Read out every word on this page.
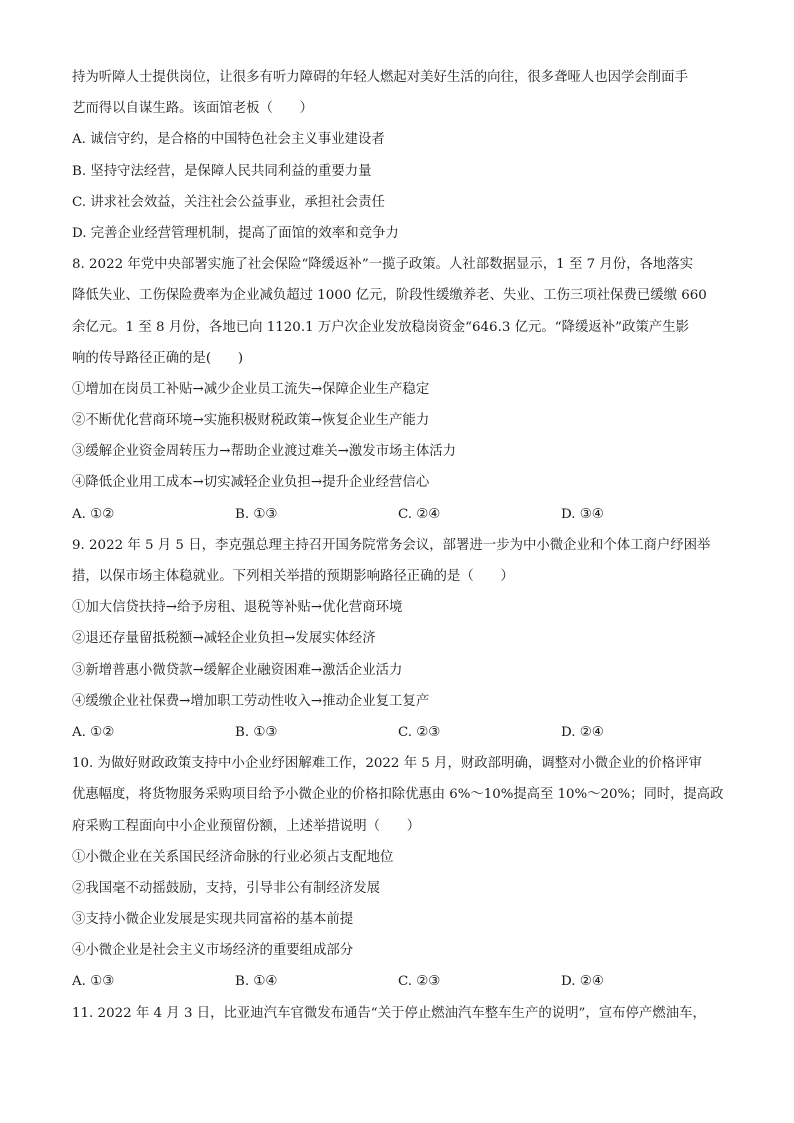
持为听障人士提供岗位，让很多有听力障碍的年轻人燃起对美好生活的向往，很多聋哑人也因学会削面手
艺而得以自谋生路。该面馆老板（　　）
A. 诚信守约，是合格的中国特色社会主义事业建设者
B. 坚持守法经营，是保障人民共同利益的重要力量
C. 讲求社会效益，关注社会公益事业，承担社会责任
D. 完善企业经营管理机制，提高了面馆的效率和竞争力
8. 2022 年党中央部署实施了社会保险“降缓返补”一揽子政策。人社部数据显示，1 至 7 月份，各地落实
降低失业、工伤保险费率为企业减负超过 1000 亿元，阶段性缓缴养老、失业、工伤三项社保费已缓缴 660
余亿元。1 至 8 月份，各地已向 1120.1 万户次企业发放稳岗资金“646.3 亿元。“降缓返补”政策产生影
响的传导路径正确的是(　　)
①增加在岗员工补贴→减少企业员工流失→保障企业生产稳定
②不断优化营商环境→实施积极财税政策→恢复企业生产能力
③缓解企业资金周转压力→帮助企业渡过难关→激发市场主体活力
④降低企业用工成本→切实减轻企业负担→提升企业经营信心
A. ①②	B. ①③	C. ②④	D. ③④
9. 2022 年 5 月 5 日，李克强总理主持召开国务院常务会议，部署进一步为中小微企业和个体工商户纾困举
措，以保市场主体稳就业。下列相关举措的预期影响路径正确的是（　　）
①加大信贷扶持→给予房租、退税等补贴→优化营商环境
②退还存量留抵税额→减轻企业负担→发展实体经济
③新增普惠小微贷款→缓解企业融资困难→激活企业活力
④缓缴企业社保费→增加职工劳动性收入→推动企业复工复产
A. ①②	B. ①③	C. ②③	D. ②④
10. 为做好财政政策支持中小企业纾困解难工作，2022 年 5 月，财政部明确，调整对小微企业的价格评审
优惠幅度，将货物服务采购项目给予小微企业的价格扣除优惠由 6%～10%提高至 10%～20%；同时，提高政
府采购工程面向中小企业预留份额，上述举措说明（　　）
①小微企业在关系国民经济命脉的行业必须占支配地位
②我国毫不动摇鼓励，支持，引导非公有制经济发展
③支持小微企业发展是实现共同富裕的基本前提
④小微企业是社会主义市场经济的重要组成部分
A. ①③	B. ①④	C. ②③	D. ②④
11. 2022 年 4 月 3 日，比亚迪汽车官微发布通告“关于停止燃油汽车整车生产的说明”，宣布停产燃油车，
